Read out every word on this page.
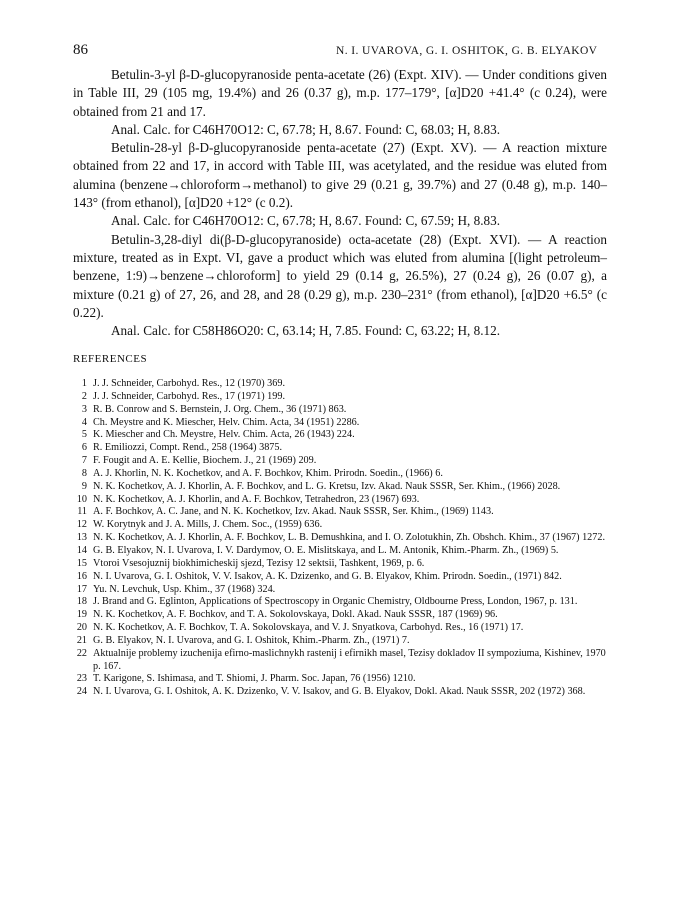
86	N. I. UVAROVA, G. I. OSHITOK, G. B. ELYAKOV

Betulin-3-yl β-D-glucopyranoside penta-acetate (26) (Expt. XIV). — Under conditions given in Table III, 29 (105 mg, 19.4%) and 26 (0.37 g), m.p. 177–179°, [α]D20 +41.4° (c 0.24), were obtained from 21 and 17.

Anal. Calc. for C46H70O12: C, 67.78; H, 8.67. Found: C, 68.03; H, 8.83.

Betulin-28-yl β-D-glucopyranoside penta-acetate (27) (Expt. XV). — A reaction mixture obtained from 22 and 17, in accord with Table III, was acetylated, and the residue was eluted from alumina (benzene→chloroform→methanol) to give 29 (0.21 g, 39.7%) and 27 (0.48 g), m.p. 140–143° (from ethanol), [α]D20 +12° (c 0.2).

Anal. Calc. for C46H70O12: C, 67.78; H, 8.67. Found: C, 67.59; H, 8.83.

Betulin-3,28-diyl di(β-D-glucopyranoside) octa-acetate (28) (Expt. XVI). — A reaction mixture, treated as in Expt. VI, gave a product which was eluted from alumina [(light petroleum–benzene, 1:9)→benzene→chloroform] to yield 29 (0.14 g, 26.5%), 27 (0.24 g), 26 (0.07 g), a mixture (0.21 g) of 27, 26, and 28, and 28 (0.29 g), m.p. 230–231° (from ethanol), [α]D20 +6.5° (c 0.22).

Anal. Calc. for C58H86O20: C, 63.14; H, 7.85. Found: C, 63.22; H, 8.12.

REFERENCES
1 J. J. Schneider, Carbohyd. Res., 12 (1970) 369.
2 J. J. Schneider, Carbohyd. Res., 17 (1971) 199.
3 R. B. Conrow and S. Bernstein, J. Org. Chem., 36 (1971) 863.
4 Ch. Meystre and K. Miescher, Helv. Chim. Acta, 34 (1951) 2286.
5 K. Miescher and Ch. Meystre, Helv. Chim. Acta, 26 (1943) 224.
6 R. Emiliozzi, Compt. Rend., 258 (1964) 3875.
7 F. Fougit and A. E. Kellie, Biochem. J., 21 (1969) 209.
8 A. J. Khorlin, N. K. Kochetkov, and A. F. Bochkov, Khim. Prirodn. Soedin., (1966) 6.
9 N. K. Kochetkov, A. J. Khorlin, A. F. Bochkov, and L. G. Kretsu, Izv. Akad. Nauk SSSR, Ser. Khim., (1966) 2028.
10 N. K. Kochetkov, A. J. Khorlin, and A. F. Bochkov, Tetrahedron, 23 (1967) 693.
11 A. F. Bochkov, A. C. Jane, and N. K. Kochetkov, Izv. Akad. Nauk SSSR, Ser. Khim., (1969) 1143.
12 W. Korytnyk and J. A. Mills, J. Chem. Soc., (1959) 636.
13 N. K. Kochetkov, A. J. Khorlin, A. F. Bochkov, L. B. Demushkina, and I. O. Zolotukhin, Zh. Obshch. Khim., 37 (1967) 1272.
14 G. B. Elyakov, N. I. Uvarova, I. V. Dardymov, O. E. Mislitskaya, and L. M. Antonik, Khim.-Pharm. Zh., (1969) 5.
15 Vtoroi Vsesojuznij biokhimicheskij sjezd, Tezisy 12 sektsii, Tashkent, 1969, p. 6.
16 N. I. Uvarova, G. I. Oshitok, V. V. Isakov, A. K. Dzizenko, and G. B. Elyakov, Khim. Prirodn. Soedin., (1971) 842.
17 Yu. N. Levchuk, Usp. Khim., 37 (1968) 324.
18 J. Brand and G. Eglinton, Applications of Spectroscopy in Organic Chemistry, Oldbourne Press, London, 1967, p. 131.
19 N. K. Kochetkov, A. F. Bochkov, and T. A. Sokolovskaya, Dokl. Akad. Nauk SSSR, 187 (1969) 96.
20 N. K. Kochetkov, A. F. Bochkov, T. A. Sokolovskaya, and V. J. Snyatkova, Carbohyd. Res., 16 (1971) 17.
21 G. B. Elyakov, N. I. Uvarova, and G. I. Oshitok, Khim.-Pharm. Zh., (1971) 7.
22 Aktualnije problemy izuchenija efirno-maslichnykh rastenij i efirnikh masel, Tezisy dokladov II sympoziuma, Kishinev, 1970 p. 167.
23 T. Karigone, S. Ishimasa, and T. Shiomi, J. Pharm. Soc. Japan, 76 (1956) 1210.
24 N. I. Uvarova, G. I. Oshitok, A. K. Dzizenko, V. V. Isakov, and G. B. Elyakov, Dokl. Akad. Nauk SSSR, 202 (1972) 368.
